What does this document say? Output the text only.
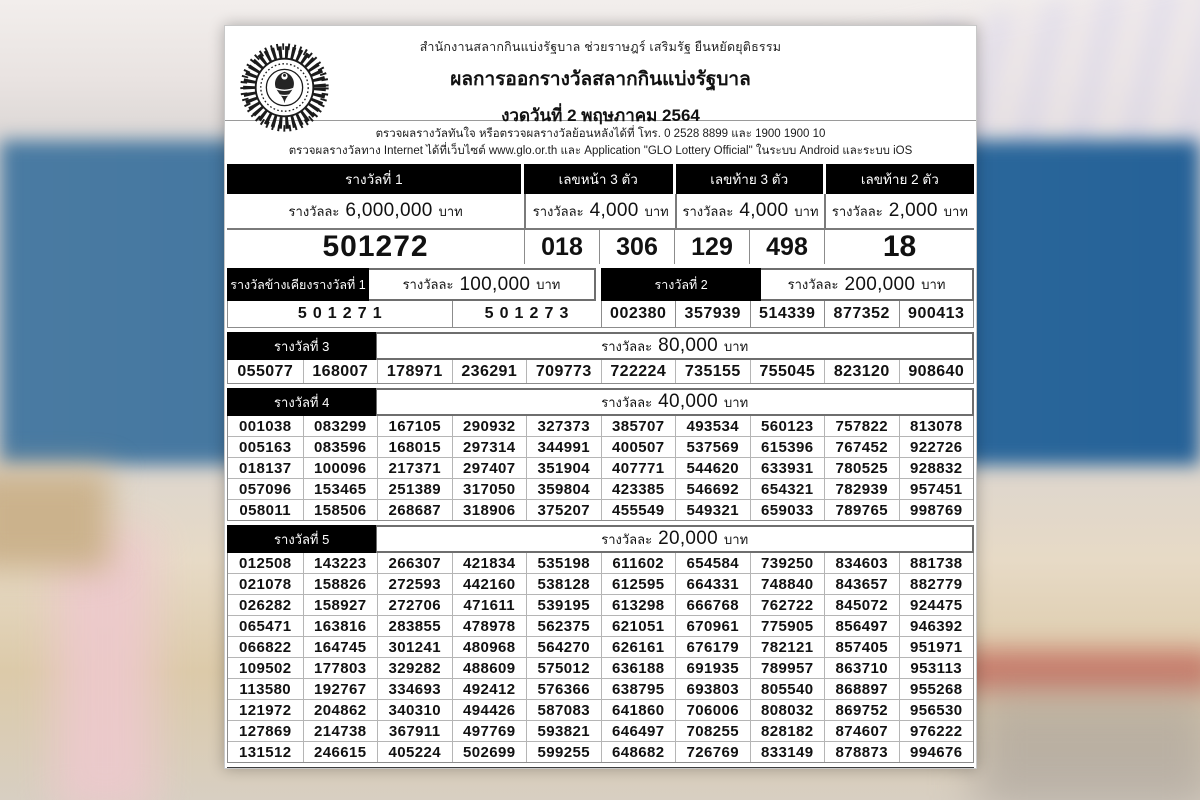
สำนักงานสลากกินแบ่งรัฐบาล ช่วยราษฎร์ เสริมรัฐ ยืนหยัดยุติธรรม
ผลการออกรางวัลสลากกินแบ่งรัฐบาล
งวดวันที่ 2 พฤษภาคม 2564
ตรวจผลรางวัลทันใจ หรือตรวจผลรางวัลย้อนหลังได้ที่ โทร. 0 2528 8899 และ 1900 1900 10
ตรวจผลรางวัลทาง Internet ได้ที่เว็บไซต์ www.glo.or.th และ Application "GLO Lottery Official" ในระบบ Android และระบบ iOS
รางวัลที่ 1	เลขหน้า 3 ตัว	เลขท้าย 3 ตัว	เลขท้าย 2 ตัว
รางวัลละ 6,000,000 บาท	รางวัลละ 4,000 บาท รางวัลละ 4,000 บาท รางวัลละ 2,000 บาท
501272	018	306	129	498	18
รางวัลข้างเคียงรางวัลที่ 1	รางวัลละ 100,000 บาท	รางวัลที่ 2	รางวัลละ 200,000 บาท
501271	501273	002380	357939	514339	877352	900413
รางวัลที่ 3	รางวัลละ 80,000 บาท
055077	168007	178971	236291	709773	722224	735155	755045	823120	908640
รางวัลที่ 4	รางวัลละ 40,000 บาท
001038	083299	167105	290932	327373	385707	493534	560123	757822	813078
005163	083596	168015	297314	344991	400507	537569	615396	767452	922726
018137	100096	217371	297407	351904	407771	544620	633931	780525	928832
057096	153465	251389	317050	359804	423385	546692	654321	782939	957451
058011	158506	268687	318906	375207	455549	549321	659033	789765	998769
รางวัลที่ 5	รางวัลละ 20,000 บาท
012508	143223	266307	421834	535198	611602	654584	739250	834603	881738
021078	158826	272593	442160	538128	612595	664331	748840	843657	882779
026282	158927	272706	471611	539195	613298	666768	762722	845072	924475
065471	163816	283855	478978	562375	621051	670961	775905	856497	946392
066822	164745	301241	480968	564270	626161	676179	782121	857405	951971
109502	177803	329282	488609	575012	636188	691935	789957	863710	953113
113580	192767	334693	492412	576366	638795	693803	805540	868897	955268
121972	204862	340310	494426	587083	641860	706006	808032	869752	956530
127869	214738	367911	497769	593821	646497	708255	828182	874607	976222
131512	246615	405224	502699	599255	648682	726769	833149	878873	994676
